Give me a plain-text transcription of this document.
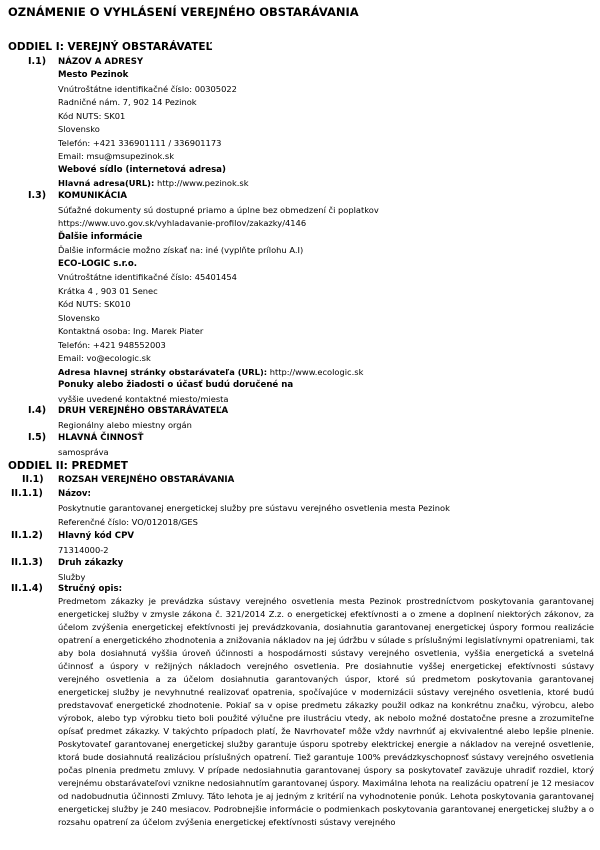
OZNÁMENIE O VYHLÁSENÍ VEREJNÉHO OBSTARÁVANIA
ODDIEL I: VEREJNÝ OBSTARÁVATEĽ
I.1) NÁZOV A ADRESY
Mesto Pezinok
Vnútroštátne identifikačné číslo: 00305022
Radničné nám. 7, 902 14 Pezinok
Kód NUTS: SK01
Slovensko
Telefón: +421 336901111 / 336901173
Email: msu@msupezinok.sk
Webové sídlo (internetová adresa)
Hlavná adresa(URL): http://www.pezinok.sk
I.3) KOMUNIKÁCIA
Súťažné dokumenty sú dostupné priamo a úplne bez obmedzení či poplatkov
https://www.uvo.gov.sk/vyhladavanie-profilov/zakazky/4146
Ďalšie informácie
Ďalšie informácie možno získať na: iné (vyplňte prílohu A.I)
ECO-LOGIC s.r.o.
Vnútroštátne identifikačné číslo: 45401454
Krátka 4 , 903 01 Senec
Kód NUTS: SK010
Slovensko
Kontaktná osoba: Ing. Marek Piater
Telefón: +421 948552003
Email: vo@ecologic.sk
Adresa hlavnej stránky obstarávateľa (URL): http://www.ecologic.sk
Ponuky alebo žiadosti o účasť budú doručené na
vyššie uvedené kontaktné miesto/miesta
I.4) DRUH VEREJNÉHO OBSTARÁVATEĽA
Regionálny alebo miestny orgán
I.5) HLAVNÁ ČINNOSŤ
samospráva
ODDIEL II: PREDMET
II.1) ROZSAH VEREJNÉHO OBSTARÁVANIA
II.1.1) Názov:
Poskytnutie garantovanej energetickej služby pre sústavu verejného osvetlenia mesta Pezinok
Referenčné číslo: VO/012018/GES
II.1.2) Hlavný kód CPV
71314000-2
II.1.3) Druh zákazky
Služby
II.1.4) Stručný opis:
Predmetom zákazky je prevádzka sústavy verejného osvetlenia mesta Pezinok prostredníctvom poskytovania garantovanej energetickej služby v zmysle zákona č. 321/2014 Z.z. o energetickej efektívnosti a o zmene a doplnení niektorých zákonov, za účelom zvýšenia energetickej efektívnosti jej prevádzkovania, dosiahnutia garantovanej energetickej úspory formou realizácie opatrení a energetického zhodnotenia a znižovania nákladov na jej údržbu v súlade s príslušnými legislatívnymi opatreniami, tak aby bola dosiahnutá vyššia úroveň účinnosti a hospodárnosti sústavy verejného osvetlenia, vyššia energetická a svetelná účinnosť a úspory v režijných nákladoch verejného osvetlenia. Pre dosiahnutie vyššej energetickej efektívnosti sústavy verejného osvetlenia a za účelom dosiahnutia garantovaných úspor, ktoré sú predmetom poskytovania garantovanej energetickej služby je nevyhnutné realizovať opatrenia, spočívajúce v modernizácii sústavy verejného osvetlenia, ktoré budú predstavovať energetické zhodnotenie. Pokiaľ sa v opise predmetu zákazky použil odkaz na konkrétnu značku, výrobcu, alebo výrobok, alebo typ výrobku tieto boli použité výlučne pre ilustráciu vtedy, ak nebolo možné dostatočne presne a zrozumiteľne opísať predmet zákazky. V takýchto prípadoch platí, že Navrhovateľ môže vždy navrhnúť aj ekvivalentné alebo lepšie plnenie. Poskytovateľ garantovanej energetickej služby garantuje úsporu spotreby elektrickej energie a nákladov na verejné osvetlenie, ktorá bude dosiahnutá realizáciou príslušných opatrení. Tiež garantuje 100% prevádzkyschopnosť sústavy verejného osvetlenia počas plnenia predmetu zmluvy. V prípade nedosiahnutia garantovanej úspory sa poskytovateľ zaväzuje uhradiť rozdiel, ktorý verejnému obstarávateľovi vznikne nedosiahnutím garantovanej úspory. Maximálna lehota na realizáciu opatrení je 12 mesiacov od nadobudnutia účinnosti Zmluvy. Táto lehota je aj jedným z kritérií na vyhodnotenie ponúk. Lehota poskytovania garantovanej energetickej služby je 240 mesiacov. Podrobnejšie informácie o podmienkach poskytovania garantovanej energetickej služby a o rozsahu opatrení za účelom zvýšenia energetickej efektívnosti sústavy verejného
